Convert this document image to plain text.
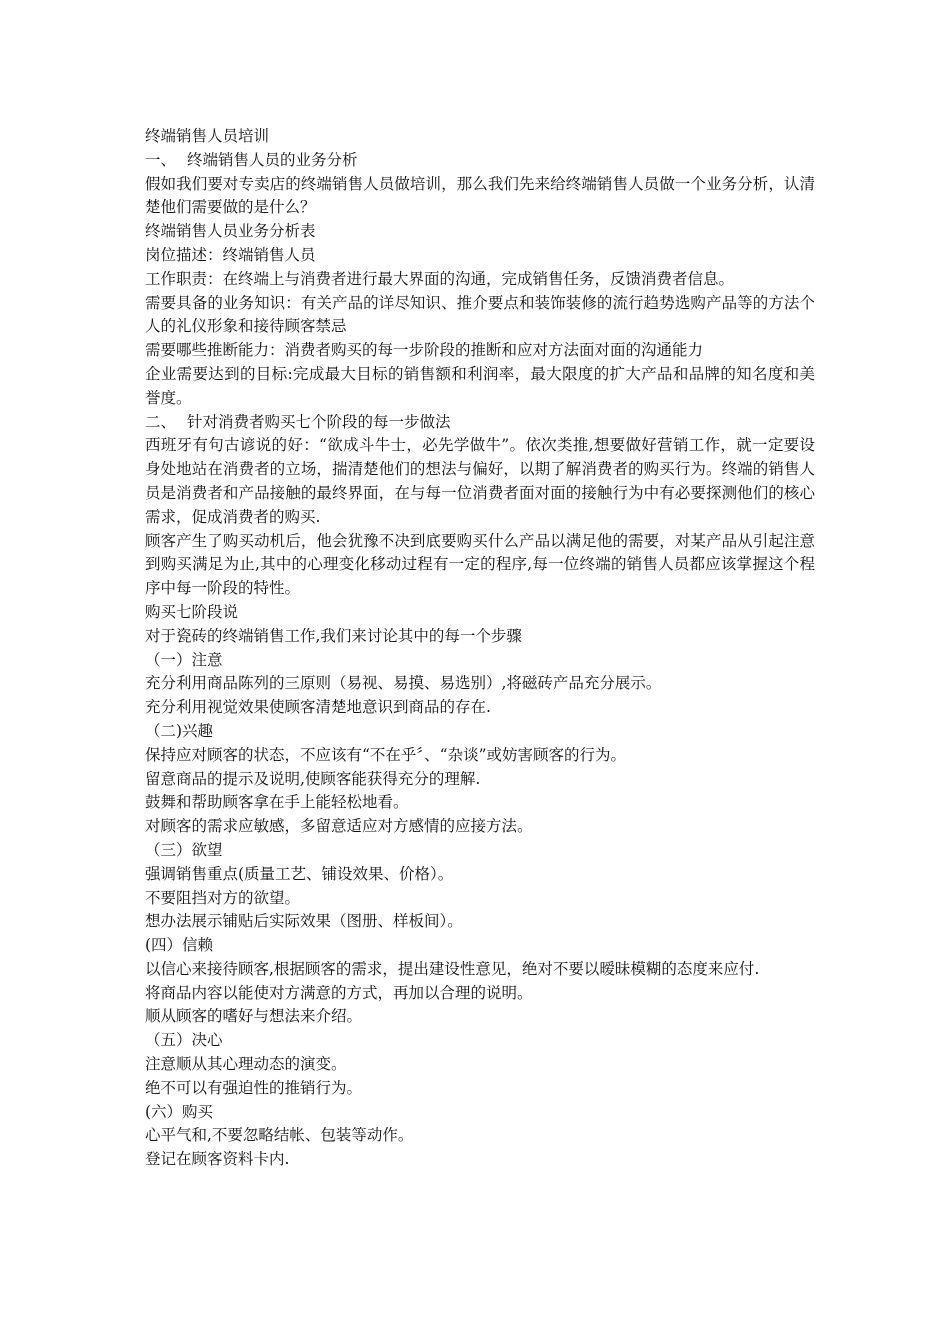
终端销售人员培训

一、 终端销售人员的业务分析

假如我们要对专卖店的终端销售人员做培训，那么我们先来给终端销售人员做一个业务分析，认清楚他们需要做的是什么？

终端销售人员业务分析表

岗位描述：终端销售人员

工作职责：在终端上与消费者进行最大界面的沟通，完成销售任务，反馈消费者信息。

需要具备的业务知识：有关产品的详尽知识、推介要点和装饰装修的流行趋势选购产品等的方法个人的礼仪形象和接待顾客禁忌

需要哪些推断能力：消费者购买的每一步阶段的推断和应对方法面对面的沟通能力

企业需要达到的目标:完成最大目标的销售额和利润率，最大限度的扩大产品和品牌的知名度和美誉度。

二、 针对消费者购买七个阶段的每一步做法

西班牙有句古谚说的好：“欲成斗牛士，必先学做牛”。依次类推,想要做好营销工作，就一定要设身处地站在消费者的立场，揣清楚他们的想法与偏好，以期了解消费者的购买行为。终端的销售人员是消费者和产品接触的最终界面，在与每一位消费者面对面的接触行为中有必要探测他们的核心需求，促成消费者的购买.

顾客产生了购买动机后，他会犹豫不决到底要购买什么产品以满足他的需要，对某产品从引起注意到购买满足为止,其中的心理变化移动过程有一定的程序,每一位终端的销售人员都应该掌握这个程序中每一阶段的特性。

购买七阶段说

对于瓷砖的终端销售工作,我们来讨论其中的每一个步骤

（一）注意

充分利用商品陈列的三原则（易视、易摸、易选别）,将磁砖产品充分展示。

充分利用视觉效果使顾客清楚地意识到商品的存在.

（二)兴趣

保持应对顾客的状态，不应该有“不在乎〞、“杂谈”或妨害顾客的行为。

留意商品的提示及说明,使顾客能获得充分的理解.

鼓舞和帮助顾客拿在手上能轻松地看。

对顾客的需求应敏感，多留意适应对方感情的应接方法。

（三）欲望

强调销售重点(质量工艺、铺设效果、价格）。

不要阻挡对方的欲望。

想办法展示铺贴后实际效果（图册、样板间）。

(四）信赖

以信心来接待顾客,根据顾客的需求，提出建设性意见，绝对不要以暧昧模糊的态度来应付.

将商品内容以能使对方满意的方式，再加以合理的说明。

顺从顾客的嗜好与想法来介绍。

（五）决心

注意顺从其心理动态的演变。

绝不可以有强迫性的推销行为。

(六）购买

心平气和,不要忽略结帐、包装等动作。

登记在顾客资料卡内.
